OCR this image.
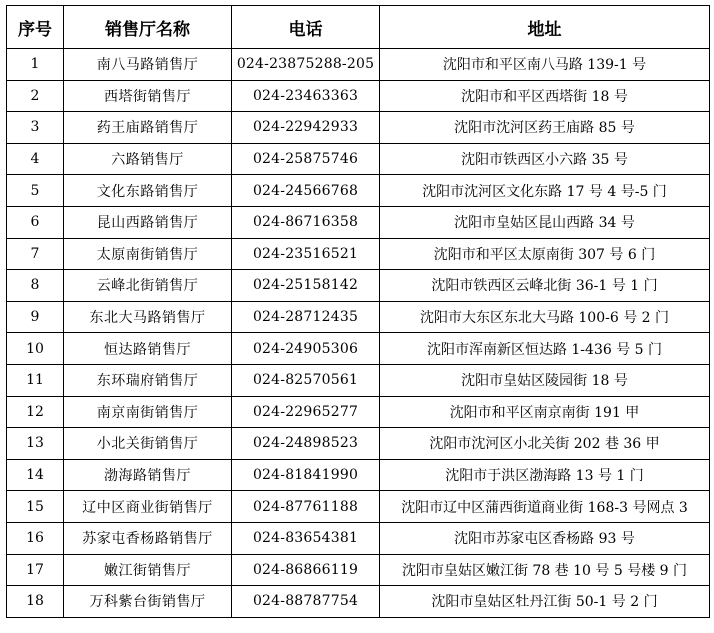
序号	销售厅名称	电话	地址
1	南八马路销售厅	024-23875288-205	沈阳市和平区南八马路 139-1 号
2	西塔街销售厅	024-23463363	沈阳市和平区西塔街 18 号
3	药王庙路销售厅	024-22942933	沈阳市沈河区药王庙路 85 号
4	六路销售厅	024-25875746	沈阳市铁西区小六路 35 号
5	文化东路销售厅	024-24566768	沈阳市沈河区文化东路 17 号 4 号-5 门
6	昆山西路销售厅	024-86716358	沈阳市皇姑区昆山西路 34 号
7	太原南街销售厅	024-23516521	沈阳市和平区太原南街 307 号 6 门
8	云峰北街销售厅	024-25158142	沈阳市铁西区云峰北街 36-1 号 1 门
9	东北大马路销售厅	024-28712435	沈阳市大东区东北大马路 100-6 号 2 门
10	恒达路销售厅	024-24905306	沈阳市浑南新区恒达路 1-436 号 5 门
11	东环瑞府销售厅	024-82570561	沈阳市皇姑区陵园街 18 号
12	南京南街销售厅	024-22965277	沈阳市和平区南京南街 191 甲
13	小北关街销售厅	024-24898523	沈阳市沈河区小北关街 202 巷 36 甲
14	渤海路销售厅	024-81841990	沈阳市于洪区渤海路 13 号 1 门
15	辽中区商业街销售厅	024-87761188	沈阳市辽中区蒲西街道商业街 168-3 号网点 3
16	苏家屯香杨路销售厅	024-83654381	沈阳市苏家屯区香杨路 93 号
17	嫩江街销售厅	024-86866119	沈阳市皇姑区嫩江街 78 巷 10 号 5 号楼 9 门
18	万科紫台街销售厅	024-88787754	沈阳市皇姑区牡丹江街 50-1 号 2 门
